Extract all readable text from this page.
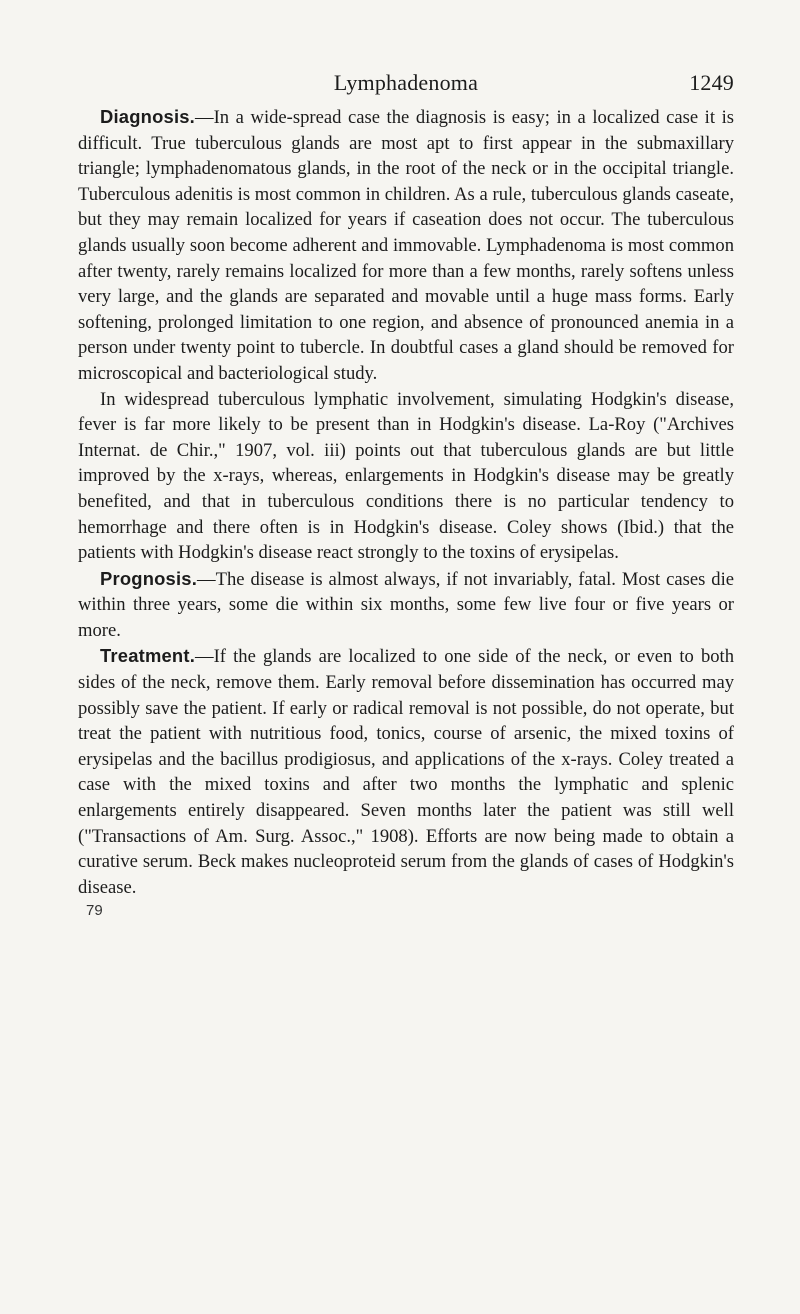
Lymphadenoma	1249

Diagnosis.—In a wide-spread case the diagnosis is easy; in a localized case it is difficult. True tuberculous glands are most apt to first appear in the submaxillary triangle; lymphadenomatous glands, in the root of the neck or in the occipital triangle. Tuberculous adenitis is most common in children. As a rule, tuberculous glands caseate, but they may remain localized for years if caseation does not occur. The tuberculous glands usually soon become adherent and immovable. Lymphadenoma is most common after twenty, rarely remains localized for more than a few months, rarely softens unless very large, and the glands are separated and movable until a huge mass forms. Early softening, prolonged limitation to one region, and absence of pronounced anemia in a person under twenty point to tubercle. In doubtful cases a gland should be removed for microscopical and bacteriological study.

In widespread tuberculous lymphatic involvement, simulating Hodgkin's disease, fever is far more likely to be present than in Hodgkin's disease. La-Roy ("Archives Internat. de Chir.," 1907, vol. iii) points out that tuberculous glands are but little improved by the x-rays, whereas, enlargements in Hodgkin's disease may be greatly benefited, and that in tuberculous conditions there is no particular tendency to hemorrhage and there often is in Hodgkin's disease. Coley shows (Ibid.) that the patients with Hodgkin's disease react strongly to the toxins of erysipelas.

Prognosis.—The disease is almost always, if not invariably, fatal. Most cases die within three years, some die within six months, some few live four or five years or more.

Treatment.—If the glands are localized to one side of the neck, or even to both sides of the neck, remove them. Early removal before dissemination has occurred may possibly save the patient. If early or radical removal is not possible, do not operate, but treat the patient with nutritious food, tonics, course of arsenic, the mixed toxins of erysipelas and the bacillus prodigiosus, and applications of the x-rays. Coley treated a case with the mixed toxins and after two months the lymphatic and splenic enlargements entirely disappeared. Seven months later the patient was still well ("Transactions of Am. Surg. Assoc.," 1908). Efforts are now being made to obtain a curative serum. Beck makes nucleoproteid serum from the glands of cases of Hodgkin's disease.

79
